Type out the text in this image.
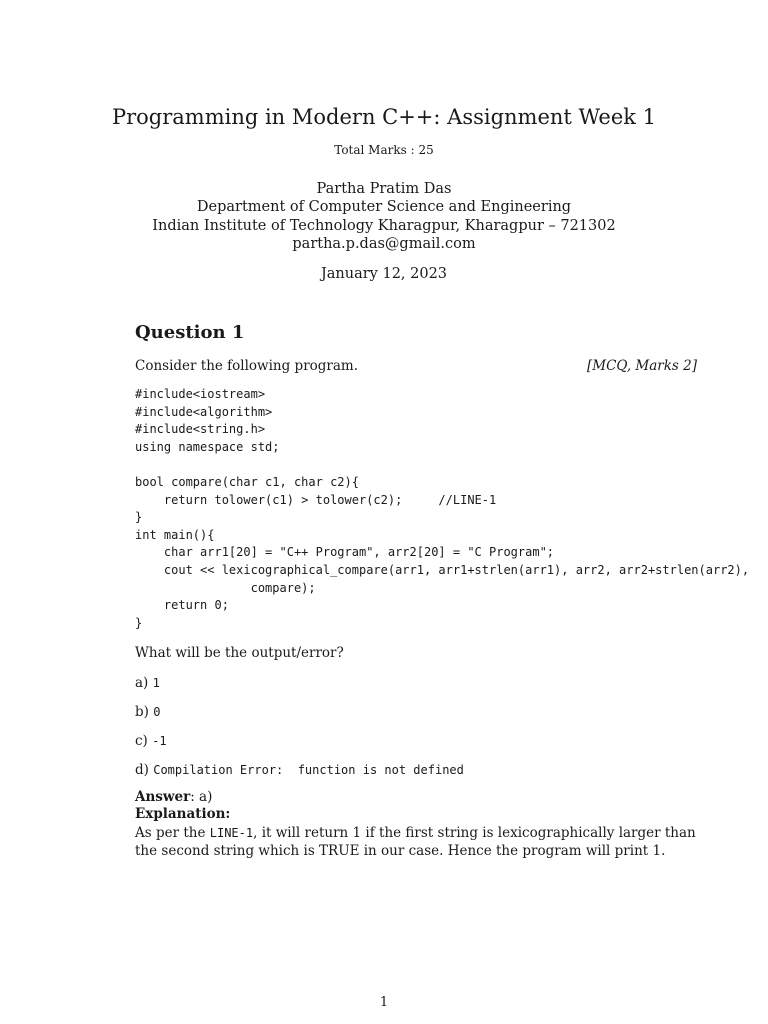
Programming in Modern C++: Assignment Week 1
Total Marks : 25
Partha Pratim Das
Department of Computer Science and Engineering
Indian Institute of Technology Kharagpur, Kharagpur – 721302
partha.p.das@gmail.com
January 12, 2023
Question 1
Consider the following program.	[MCQ, Marks 2]
#include<iostream>
#include<algorithm>
#include<string.h>
using namespace std;

bool compare(char c1, char c2){
return tolower(c1) > tolower(c2);     //LINE-1
}
int main(){
char arr1[20] = "C++ Program", arr2[20] = "C Program";
cout << lexicographical_compare(arr1, arr1+strlen(arr1), arr2, arr2+strlen(arr2),
compare);
return 0;
}
What will be the output/error?
a) 1
b) 0
c) -1
d) Compilation Error:  function is not defined
Answer: a)
Explanation:
As per the LINE-1, it will return 1 if the first string is lexicographically larger than the second string which is TRUE in our case. Hence the program will print 1.
1
